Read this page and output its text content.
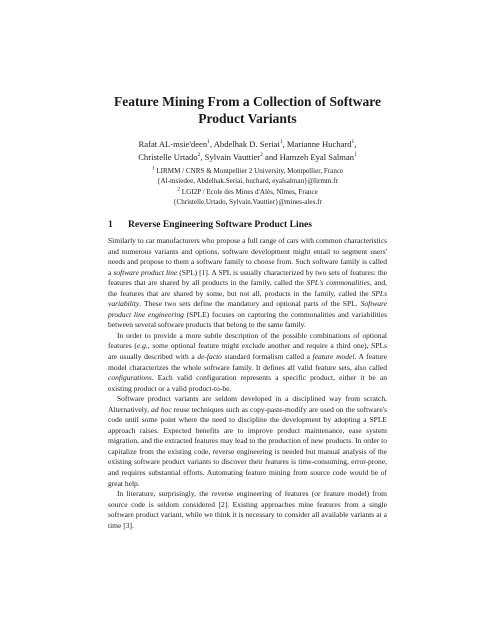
Feature Mining From a Collection of Software
Product Variants
Rafat AL-msie'deen$^1$, Abdelhak D. Seriai$^1$, Marianne Huchard$^1$,
Christelle Urtado$^2$, Sylvain Vauttier$^2$ and Hamzeh Eyal Salman$^1$
$^1$ LIRMM / CNRS & Montpellier 2 University, Montpellier, France
{Al-msiedee, Abdelhak.Seriai, huchard, eyalsalman}@lirmm.fr
$^2$ LGI2P / Ecole des Mines d'Alès, Nîmes, France
{Christelle.Urtado, Sylvain.Vauttier}@mines-ales.fr
1 Reverse Engineering Software Product Lines

Similarly to car manufacturers who propose a full range of cars with common characteristics and numerous variants and options, software development might entail to segment users' needs and propose to them a software family to choose from. Such software family is called a software product line (SPL) [1]. A SPL is usually characterized by two sets of features: the features that are shared by all products in the family, called the SPL's commonalities, and, the features that are shared by some, but not all, products in the family, called the SPLs variability. These two sets define the mandatory and optional parts of the SPL. Software product line engineering (SPLE) focuses on capturing the commonalities and variabilities between several software products that belong to the same family.

In order to provide a more subtle description of the possible combinations of optional features (e.g., some optional feature might exclude another and require a third one), SPLs are usually described with a de-facto standard formalism called a feature model. A feature model characterizes the whole software family. It defines all valid feature sets, also called configurations. Each valid configuration represents a specific product, either it be an existing product or a valid product-to-be.

Software product variants are seldom developed in a disciplined way from scratch. Alternatively, ad hoc reuse techniques such as copy-paste-modify are used on the software's code until some point where the need to discipline the development by adopting a SPLE approach raises. Expected benefits are to improve product maintenance, ease system migration, and the extracted features may lead to the production of new products. In order to capitalize from the existing code, reverse engineering is needed but manual analysis of the existing software product variants to discover their features is time-consuming, error-prone, and requires substantial efforts. Automating feature mining from source code would be of great help.

In literature, surprisingly, the reverse engineering of features (or feature model) from source code is seldom considered [2]. Existing approaches mine features from a single software product variant, while we think it is necessary to consider all available variants at a time [3].
